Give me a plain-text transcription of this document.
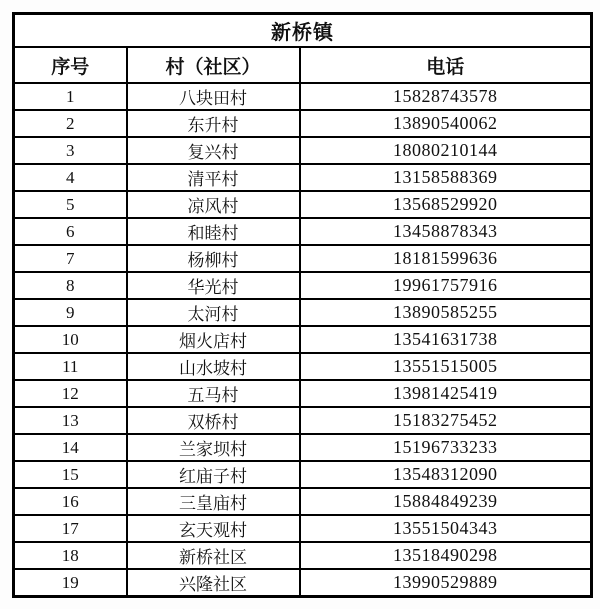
新桥镇		
序号	村（社区）	电话
1	八块田村	15828743578
2	东升村	13890540062
3	复兴村	18080210144
4	清平村	13158588369
5	凉风村	13568529920
6	和睦村	13458878343
7	杨柳村	18181599636
8	华光村	19961757916
9	太河村	13890585255
10	烟火店村	13541631738
11	山水坡村	13551515005
12	五马村	13981425419
13	双桥村	15183275452
14	兰家坝村	15196733233
15	红庙子村	13548312090
16	三皇庙村	15884849239
17	玄天观村	13551504343
18	新桥社区	13518490298
19	兴隆社区	13990529889
